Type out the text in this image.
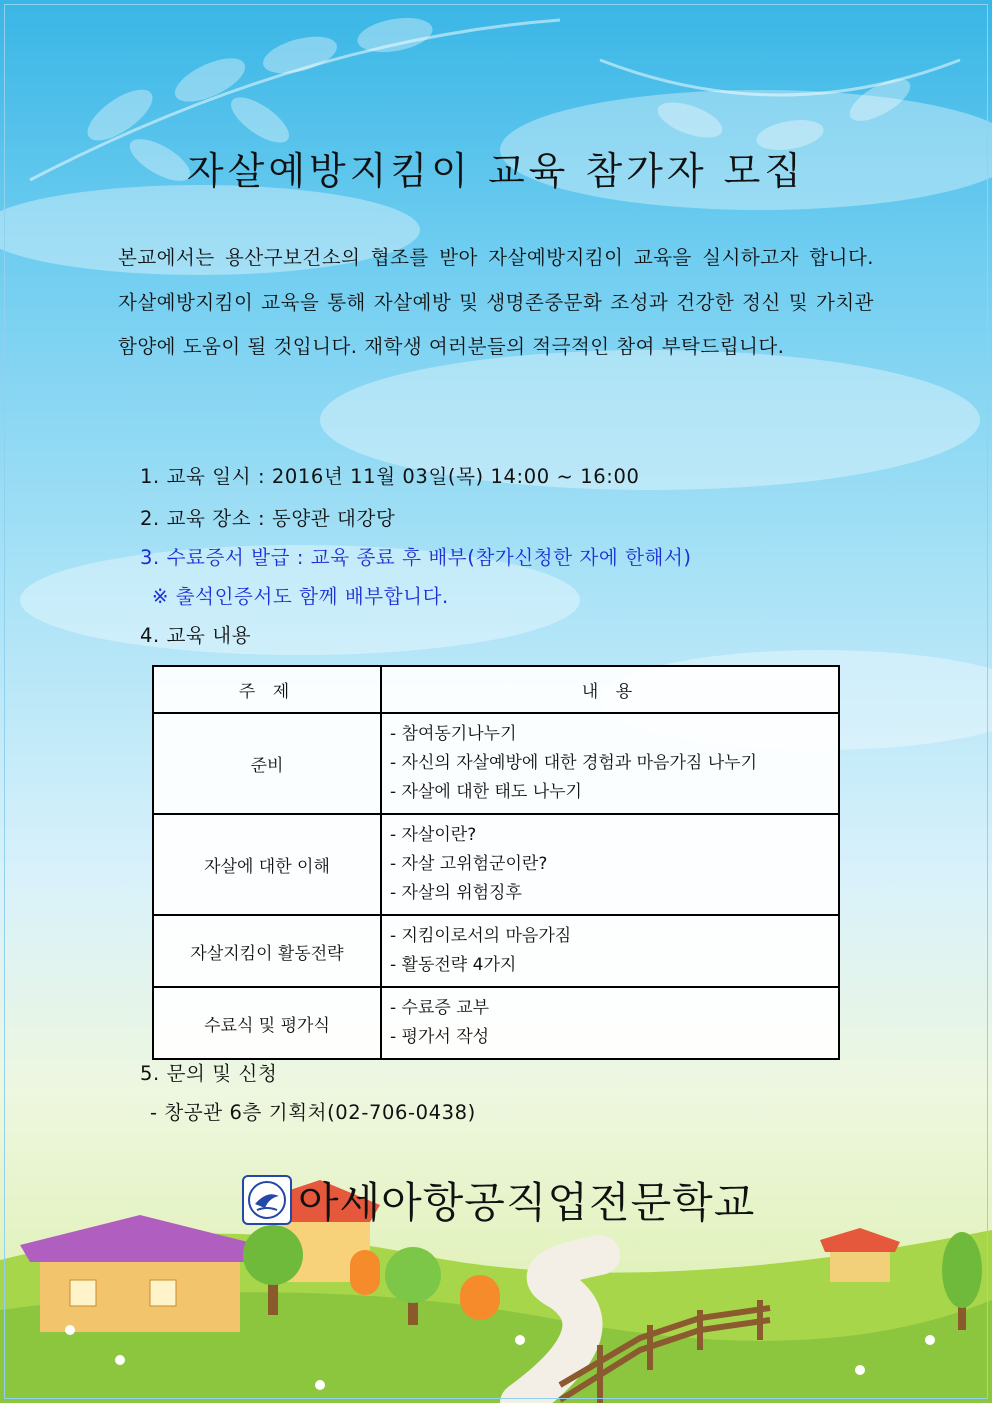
자살예방지킴이 교육 참가자 모집
본교에서는 용산구보건소의 협조를 받아 자살예방지킴이 교육을 실시하고자 합니다. 자살예방지킴이 교육을 통해 자살예방 및 생명존중문화 조성과 건강한 정신 및 가치관 함양에 도움이 될 것입니다. 재학생 여러분들의 적극적인 참여 부탁드립니다.
1. 교육 일시 : 2016년 11월 03일(목) 14:00 ~ 16:00
2. 교육 장소 : 동양관 대강당
3. 수료증서 발급 : 교육 종료 후 배부(참가신청한 자에 한해서)
※ 출석인증서도 함께 배부합니다.
4. 교육 내용
주 제	내 용
준비	- 참여동기나누기
- 자신의 자살예방에 대한 경험과 마음가짐 나누기
- 자살에 대한 태도 나누기

자살에 대한 이해	- 자살이란?
- 자살 고위험군이란?
- 자살의 위험징후

자살지킴이 활동전략	- 지킴이로서의 마음가짐
- 활동전략 4가지

수료식 및 평가식	- 수료증 교부
- 평가서 작성
5. 문의 및 신청
- 창공관 6층 기획처(02-706-0438)
아세아항공직업전문학교
